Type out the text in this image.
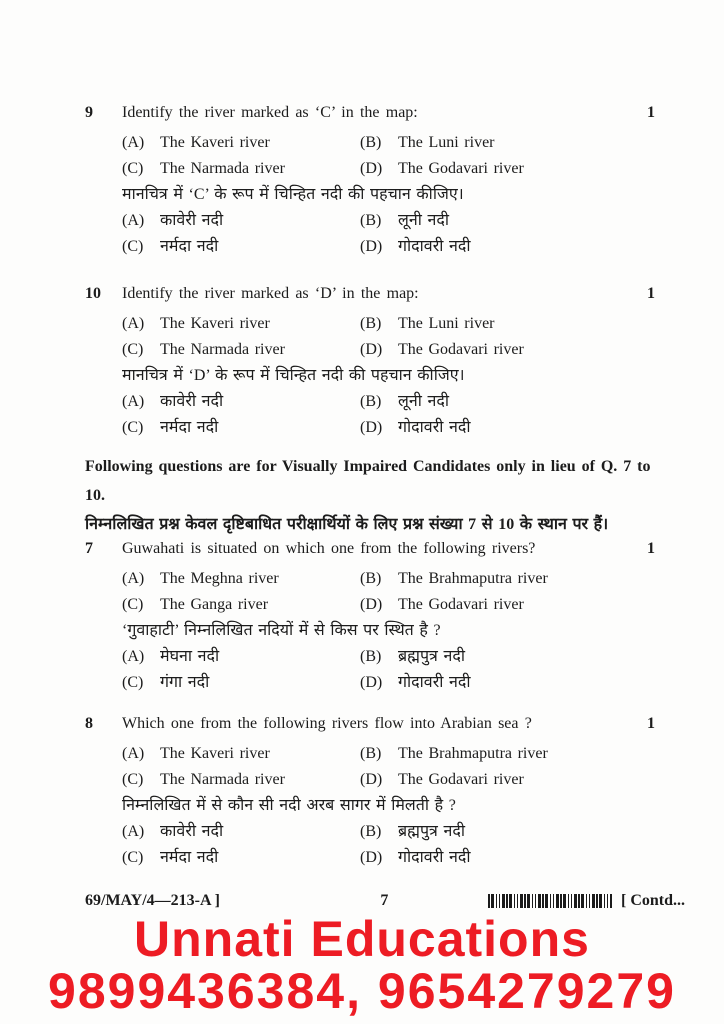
9	Identify the river marked as ‘C’ in the map:	1
(A) The Kaveri river	(B)	The Luni river
(C)	The Narmada river	(D) The Godavari river
मानचित्र में ‘C’ के रूप में चिन्हित नदी की पहचान कीजिए।
(A) कावेरी नदी	(B)	लूनी नदी
(C)	नर्मदा नदी	(D) गोदावरी नदी
10	Identify the river marked as ‘D’ in the map:	1
(A) The Kaveri river	(B)	The Luni river
(C)	The Narmada river	(D) The Godavari river
मानचित्र में ‘D’ के रूप में चिन्हित नदी की पहचान कीजिए।
(A) कावेरी नदी	(B)	लूनी नदी
(C)	नर्मदा नदी	(D) गोदावरी नदी
Following questions are for Visually Impaired Candidates only in lieu of Q. 7 to 10.
निम्नलिखित प्रश्न केवल दृष्टिबाधित परीक्षार्थियों के लिए प्रश्न संख्या 7 से 10 के स्थान पर हैं।
7	Guwahati is situated on which one from the following rivers?	1
(A) The Meghna river	(B)	The Brahmaputra river
(C)	The Ganga river	(D) The Godavari river
‘गुवाहाटी’ निम्नलिखित नदियों में से किस पर स्थित है ?
(A) मेघना नदी	(B)	ब्रह्मपुत्र नदी
(C)	गंगा नदी	(D) गोदावरी नदी
8	Which one from the following rivers flow into Arabian sea ?	1
(A) The Kaveri river	(B)	The Brahmaputra river
(C)	The Narmada river	(D) The Godavari river
निम्नलिखित में से कौन सी नदी अरब सागर में मिलती है ?
(A) कावेरी नदी	(B)	ब्रह्मपुत्र नदी
(C)	नर्मदा नदी	(D) गोदावरी नदी
69/MAY/4—213-A ]	7	[ Contd...
Unnati Educations
9899436384, 9654279279
